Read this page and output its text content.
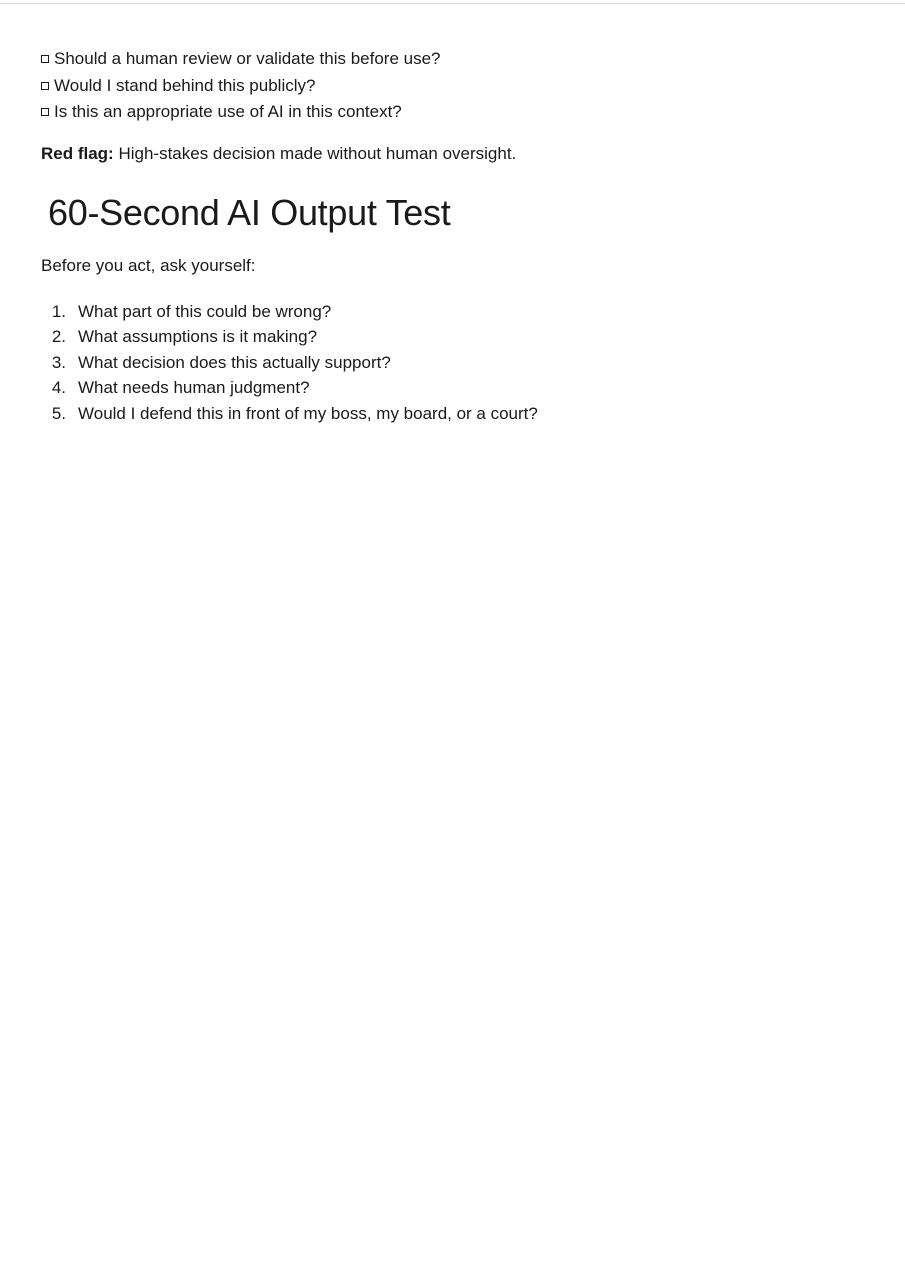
Should a human review or validate this before use?
Would I stand behind this publicly?
Is this an appropriate use of AI in this context?

Red flag: High-stakes decision made without human oversight.

60-Second AI Output Test

Before you act, ask yourself:

1. What part of this could be wrong?
2. What assumptions is it making?
3. What decision does this actually support?
4. What needs human judgment?
5. Would I defend this in front of my boss, my board, or a court?
